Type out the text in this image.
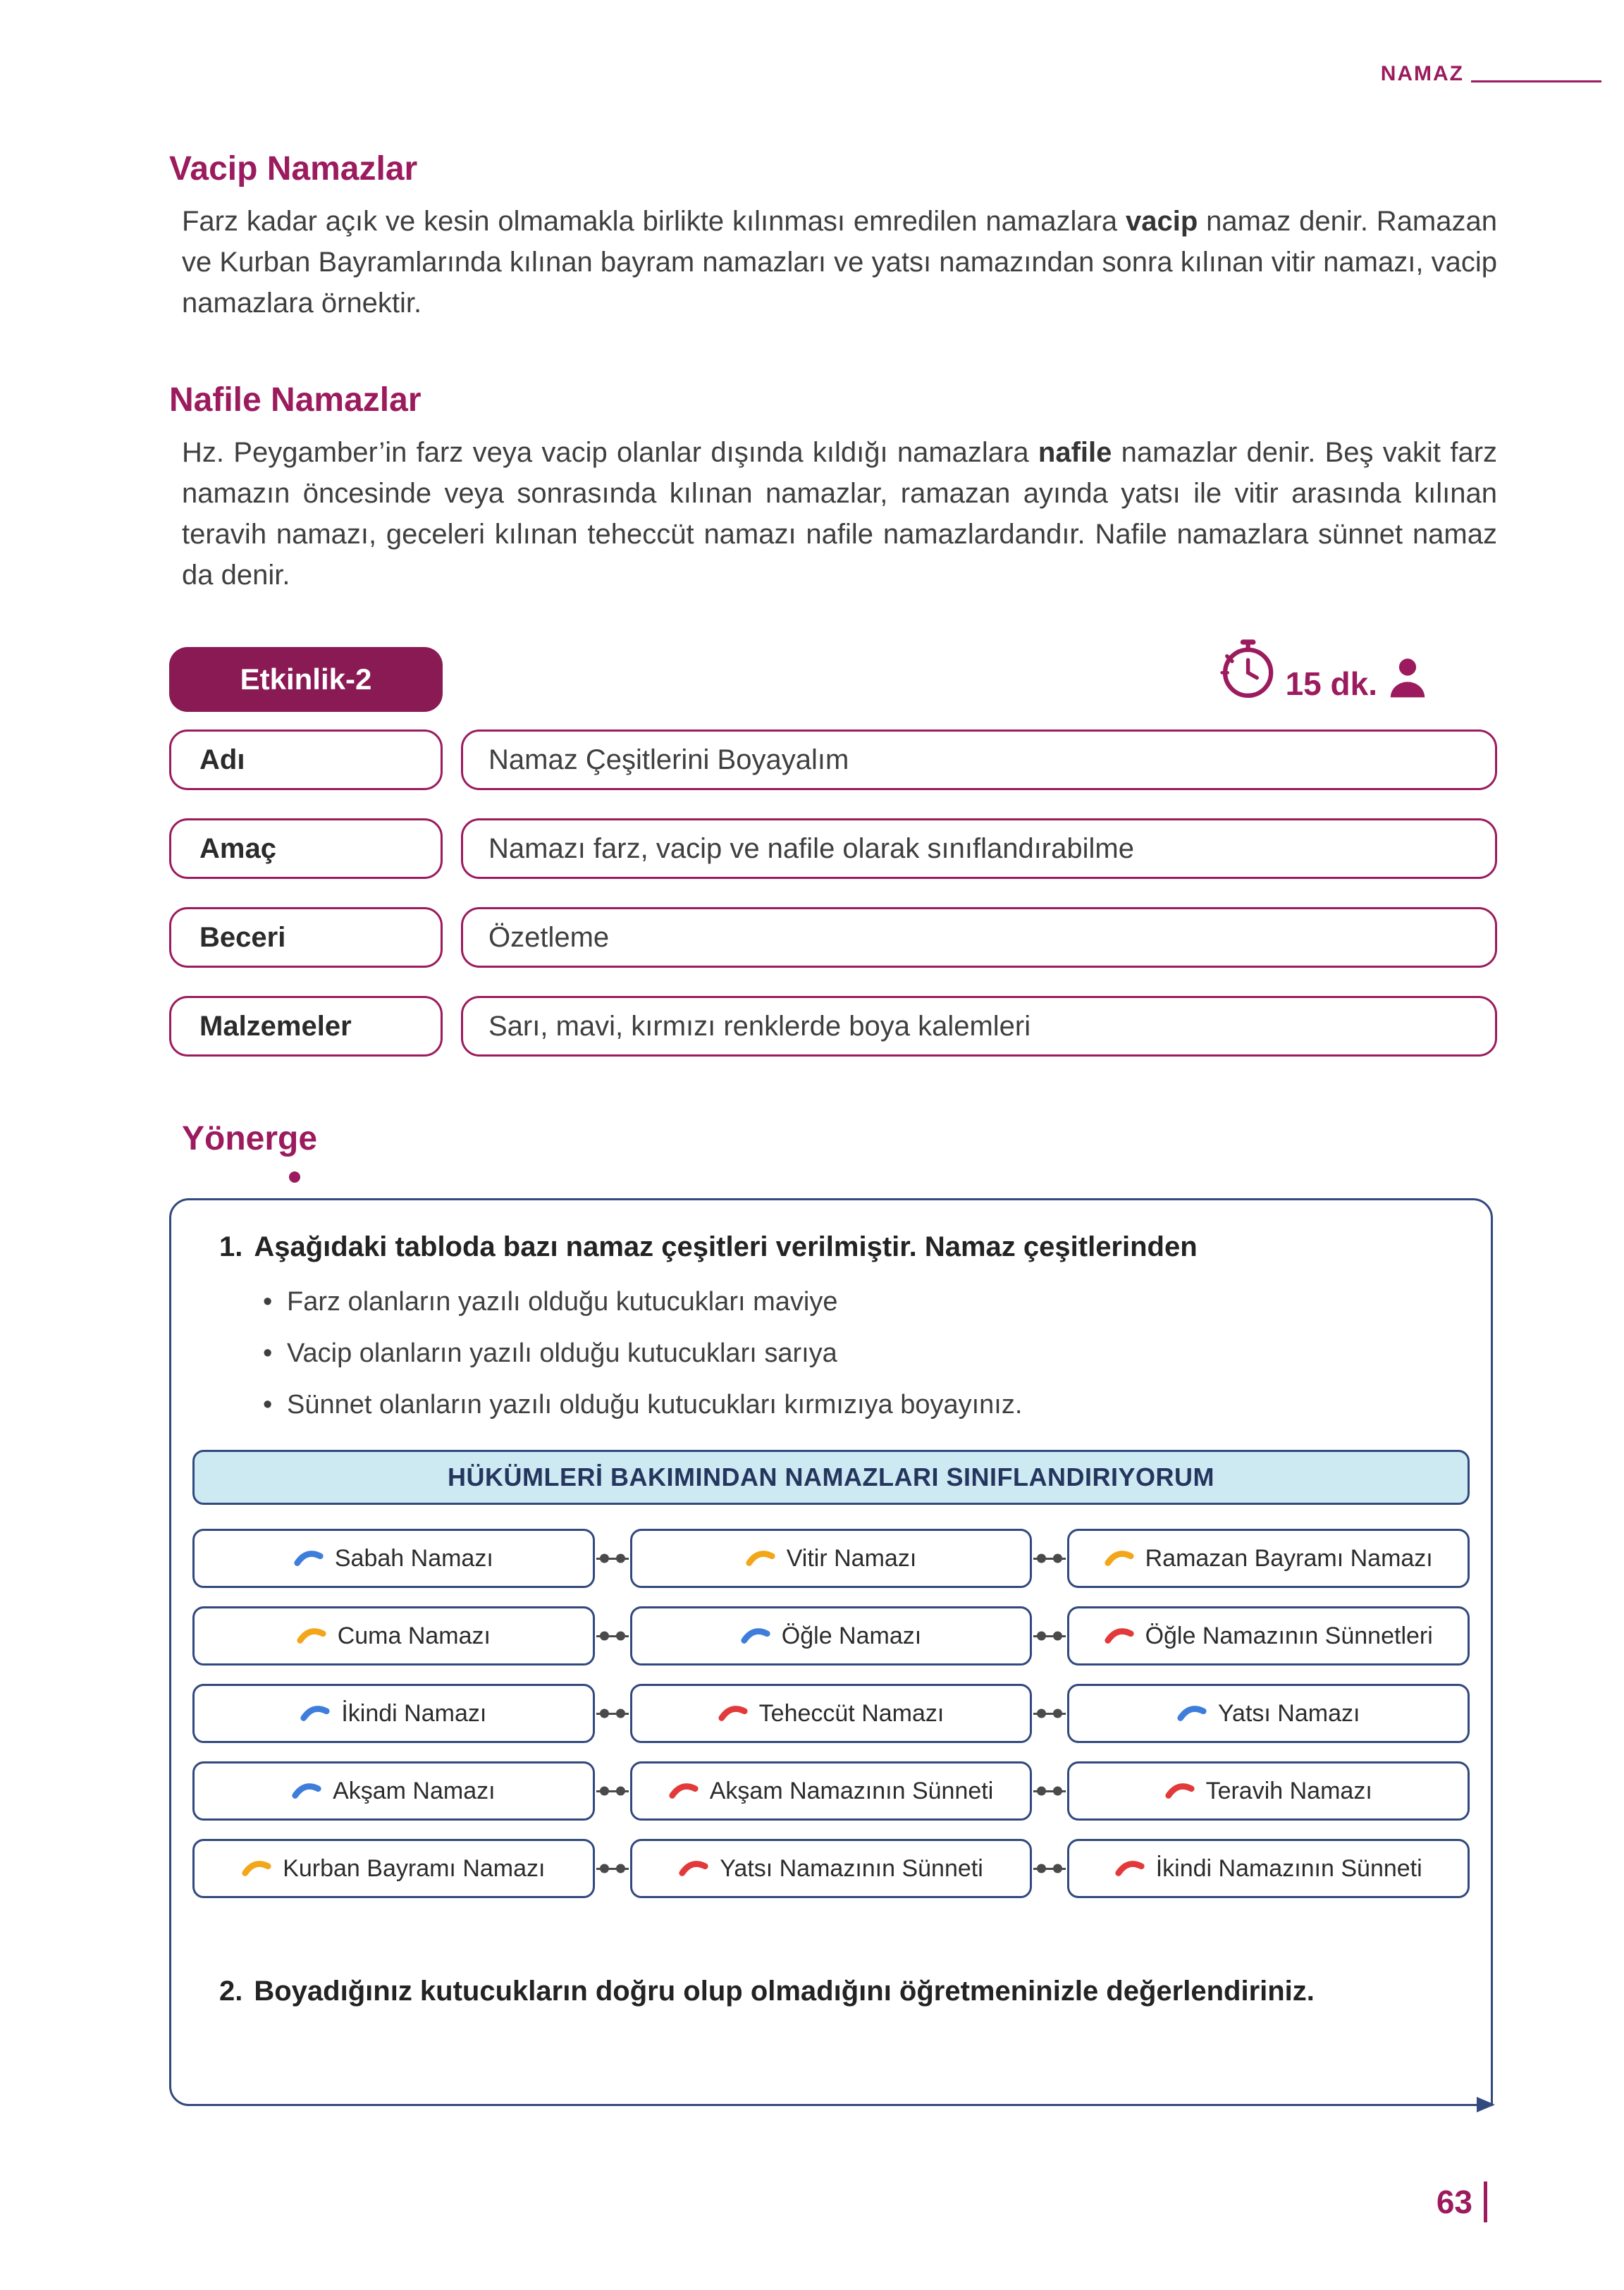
NAMAZ
Vacip Namazlar

Farz kadar açık ve kesin olmamakla birlikte kılınması emredilen namazlara vacip namaz denir. Ramazan ve Kurban Bayramlarında kılınan bayram namazları ve yatsı namazından sonra kılınan vitir namazı, vacip namazlara örnektir.

Nafile Namazlar

Hz. Peygamber’in farz veya vacip olanlar dışında kıldığı namazlara nafile namazlar denir. Beş vakit farz namazın öncesinde veya sonrasında kılınan namazlar, ramazan ayında yatsı ile vitir arasında kılınan teravih namazı, geceleri kılınan teheccüt namazı nafile namazlardandır. Nafile namazlara sünnet namaz da denir.

Etkinlik-2	15 dk.
Adı	Namaz Çeşitlerini Boyayalım
Amaç	Namazı farz, vacip ve nafile olarak sınıflandırabilme
Beceri	Özetleme
Malzemeler	Sarı, mavi, kırmızı renklerde boya kalemleri
Yönerge
1. Aşağıdaki tabloda bazı namaz çeşitleri verilmiştir. Namaz çeşitlerinden
• Farz olanların yazılı olduğu kutucukları maviye
• Vacip olanların yazılı olduğu kutucukları sarıya
• Sünnet olanların yazılı olduğu kutucukları kırmızıya boyayınız.
HÜKÜMLERİ BAKIMINDAN NAMAZLARI SINIFLANDIRIYORUM
Sabah Namazı	Vitir Namazı	Ramazan Bayramı Namazı
Cuma Namazı	Öğle Namazı	Öğle Namazının Sünnetleri
İkindi Namazı	Teheccüt Namazı	Yatsı Namazı
Akşam Namazı	Akşam Namazının Sünneti	Teravih Namazı
Kurban Bayramı Namazı	Yatsı Namazının Sünneti	İkindi Namazının Sünneti
2. Boyadığınız kutucukların doğru olup olmadığını öğretmeninizle değerlendiriniz.
63
